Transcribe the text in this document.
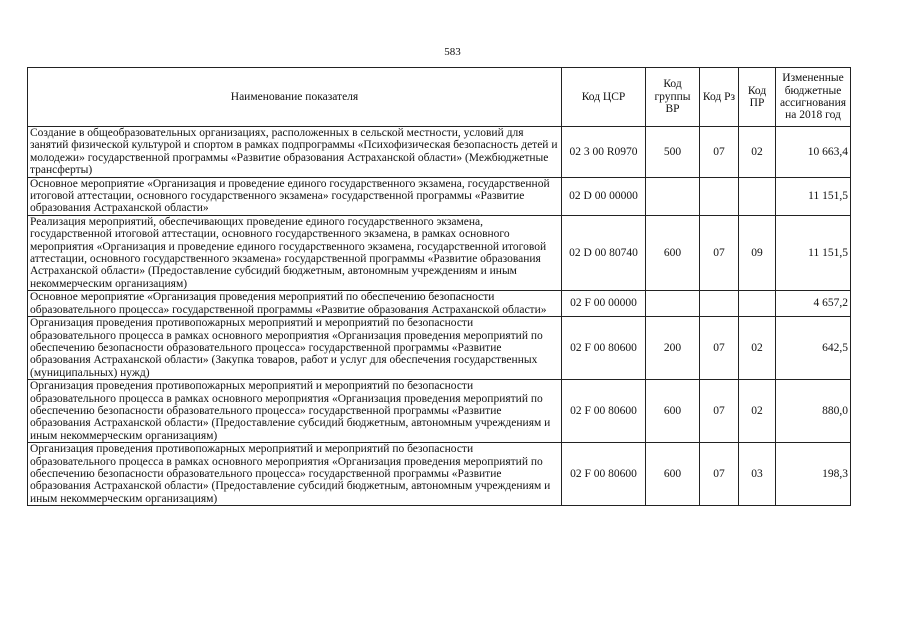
583
Наименование показателя	Код ЦСР	Код группы ВР	Код Рз	Код ПР	Измененные бюджетные ассигнования на 2018 год
Создание в общеобразовательных организациях, расположенных в сельской местности, условий для занятий физической культурой и спортом в рамках подпрограммы «Психофизическая безопасность детей и молодежи» государственной программы «Развитие образования Астраханской области» (Межбюджетные трансферты)	02 3 00 R0970	500	07	02	10 663,4
Основное мероприятие «Организация и проведение единого государственного экзамена, государственной итоговой аттестации, основного государственного экзамена» государственной программы «Развитие образования Астраханской области»	02 D 00 00000				11 151,5
Реализация мероприятий, обеспечивающих проведение единого государственного экзамена, государственной итоговой аттестации, основного государственного экзамена, в рамках основного мероприятия «Организация и проведение единого государственного экзамена, государственной итоговой аттестации, основного государственного экзамена» государственной программы «Развитие образования Астраханской области» (Предоставление субсидий бюджетным, автономным учреждениям и иным некоммерческим организациям)	02 D 00 80740	600	07	09	11 151,5
Основное мероприятие «Организация проведения мероприятий по обеспечению безопасности образовательного процесса» государственной программы «Развитие образования Астраханской области»	02 F 00 00000				4 657,2
Организация проведения противопожарных мероприятий и мероприятий по безопасности образовательного процесса в рамках основного мероприятия «Организация проведения мероприятий по обеспечению безопасности образовательного процесса» государственной программы «Развитие образования Астраханской области» (Закупка товаров, работ и услуг для обеспечения государственных (муниципальных) нужд)	02 F 00 80600	200	07	02	642,5
Организация проведения противопожарных мероприятий и мероприятий по безопасности образовательного процесса в рамках основного мероприятия «Организация проведения мероприятий по обеспечению безопасности образовательного процесса» государственной программы «Развитие образования Астраханской области» (Предоставление субсидий бюджетным, автономным учреждениям и иным некоммерческим организациям)	02 F 00 80600	600	07	02	880,0
Организация проведения противопожарных мероприятий и мероприятий по безопасности образовательного процесса в рамках основного мероприятия «Организация проведения мероприятий по обеспечению безопасности образовательного процесса» государственной программы «Развитие образования Астраханской области» (Предоставление субсидий бюджетным, автономным учреждениям и иным некоммерческим организациям)	02 F 00 80600	600	07	03	198,3
